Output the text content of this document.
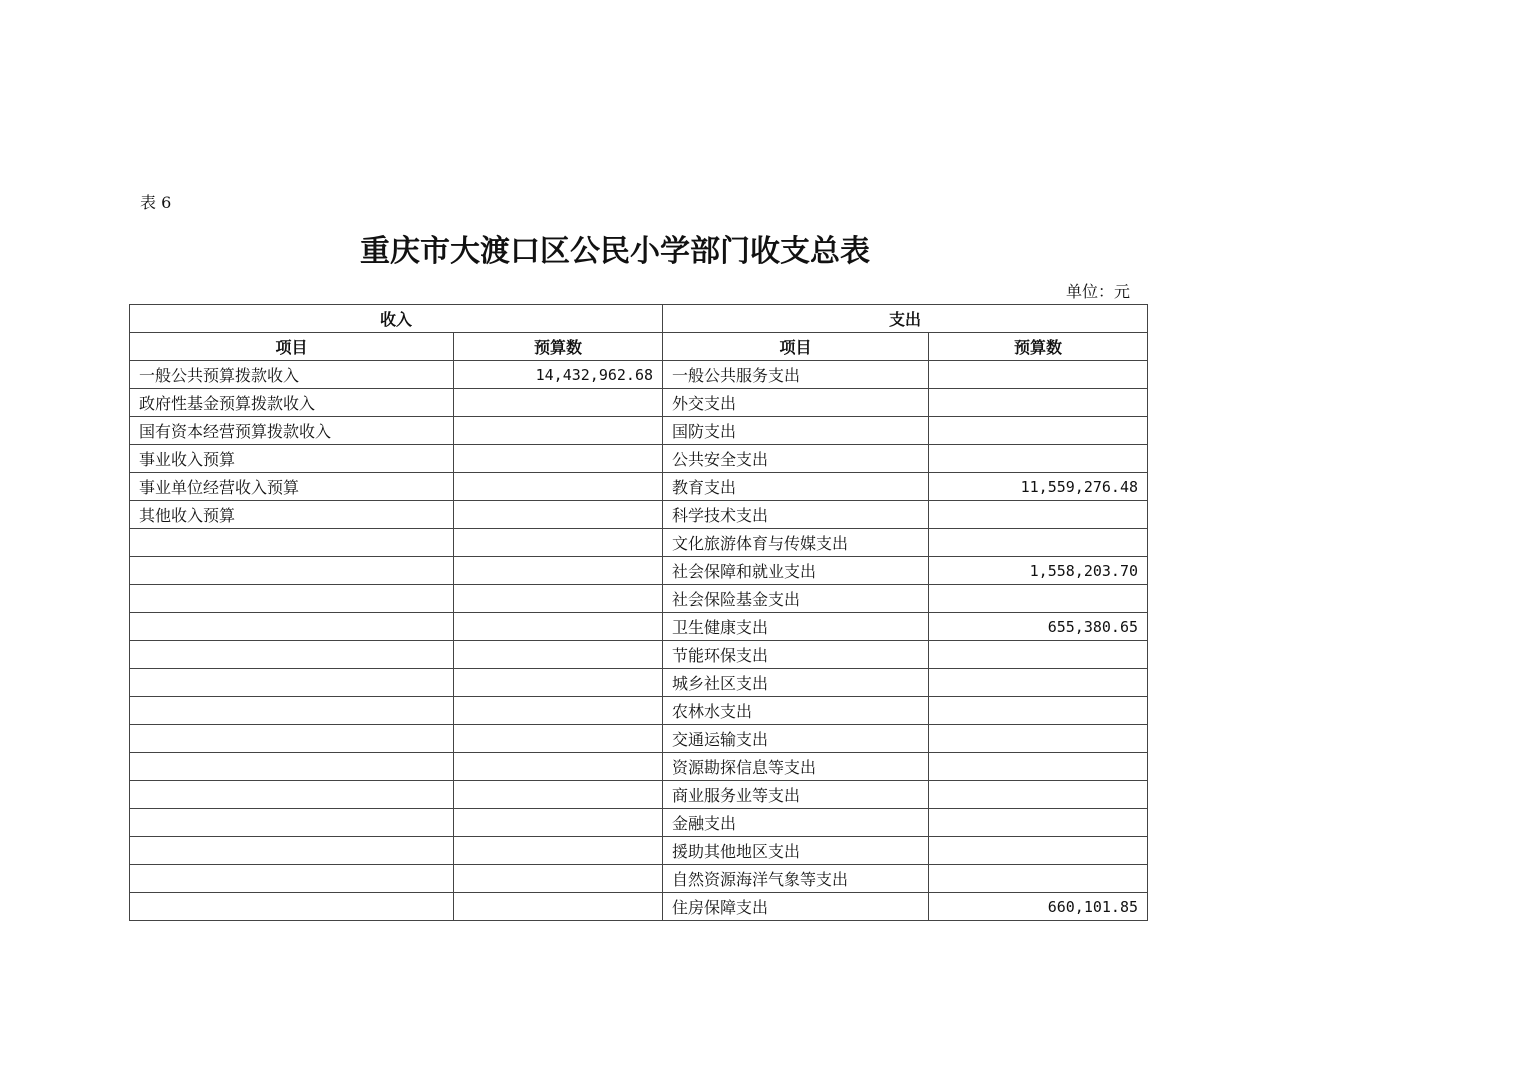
表 6
重庆市大渡口区公民小学部门收支总表
单位：元
收入		支出	
项目	预算数	项目	预算数
一般公共预算拨款收入	14,432,962.68	一般公共服务支出	
政府性基金预算拨款收入		外交支出	
国有资本经营预算拨款收入		国防支出	
事业收入预算		公共安全支出	
事业单位经营收入预算		教育支出	11,559,276.48
其他收入预算		科学技术支出	
		文化旅游体育与传媒支出	
		社会保障和就业支出	1,558,203.70
		社会保险基金支出	
		卫生健康支出	655,380.65
		节能环保支出	
		城乡社区支出	
		农林水支出	
		交通运输支出	
		资源勘探信息等支出	
		商业服务业等支出	
		金融支出	
		援助其他地区支出	
		自然资源海洋气象等支出	
		住房保障支出	660,101.85
